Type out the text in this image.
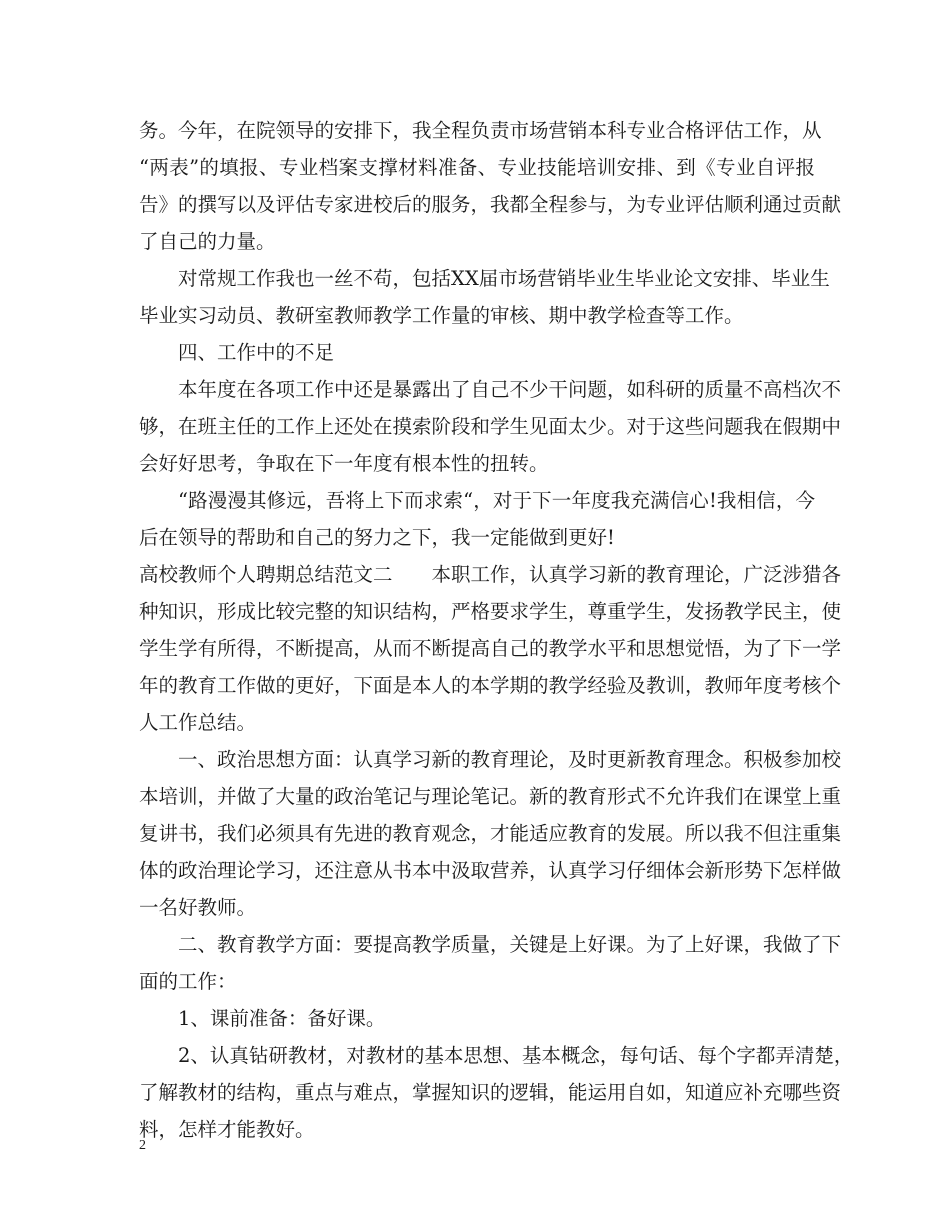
务。今年，在院领导的安排下，我全程负责市场营销本科专业合格评估工作，从
“两表”的填报、专业档案支撑材料准备、专业技能培训安排、到《专业自评报
告》的撰写以及评估专家进校后的服务，我都全程参与，为专业评估顺利通过贡献
了自己的力量。
对常规工作我也一丝不苟，包括XX届市场营销毕业生毕业论文安排、毕业生
毕业实习动员、教研室教师教学工作量的审核、期中教学检查等工作。
四、工作中的不足
本年度在各项工作中还是暴露出了自己不少干问题，如科研的质量不高档次不
够，在班主任的工作上还处在摸索阶段和学生见面太少。对于这些问题我在假期中
会好好思考，争取在下一年度有根本性的扭转。
“路漫漫其修远，吾将上下而求索“，对于下一年度我充满信心!我相信，今
后在领导的帮助和自己的努力之下，我一定能做到更好!
高校教师个人聘期总结范文二　　本职工作，认真学习新的教育理论，广泛涉猎各
种知识，形成比较完整的知识结构，严格要求学生，尊重学生，发扬教学民主，使
学生学有所得，不断提高，从而不断提高自己的教学水平和思想觉悟，为了下一学
年的教育工作做的更好，下面是本人的本学期的教学经验及教训，教师年度考核个
人工作总结。
一、政治思想方面：认真学习新的教育理论，及时更新教育理念。积极参加校
本培训，并做了大量的政治笔记与理论笔记。新的教育形式不允许我们在课堂上重
复讲书，我们必须具有先进的教育观念，才能适应教育的发展。所以我不但注重集
体的政治理论学习，还注意从书本中汲取营养，认真学习仔细体会新形势下怎样做
一名好教师。
二、教育教学方面：要提高教学质量，关键是上好课。为了上好课，我做了下
面的工作：
1、课前准备：备好课。
2、认真钻研教材，对教材的基本思想、基本概念，每句话、每个字都弄清楚，
了解教材的结构，重点与难点，掌握知识的逻辑，能运用自如，知道应补充哪些资
料，怎样才能教好。
2
